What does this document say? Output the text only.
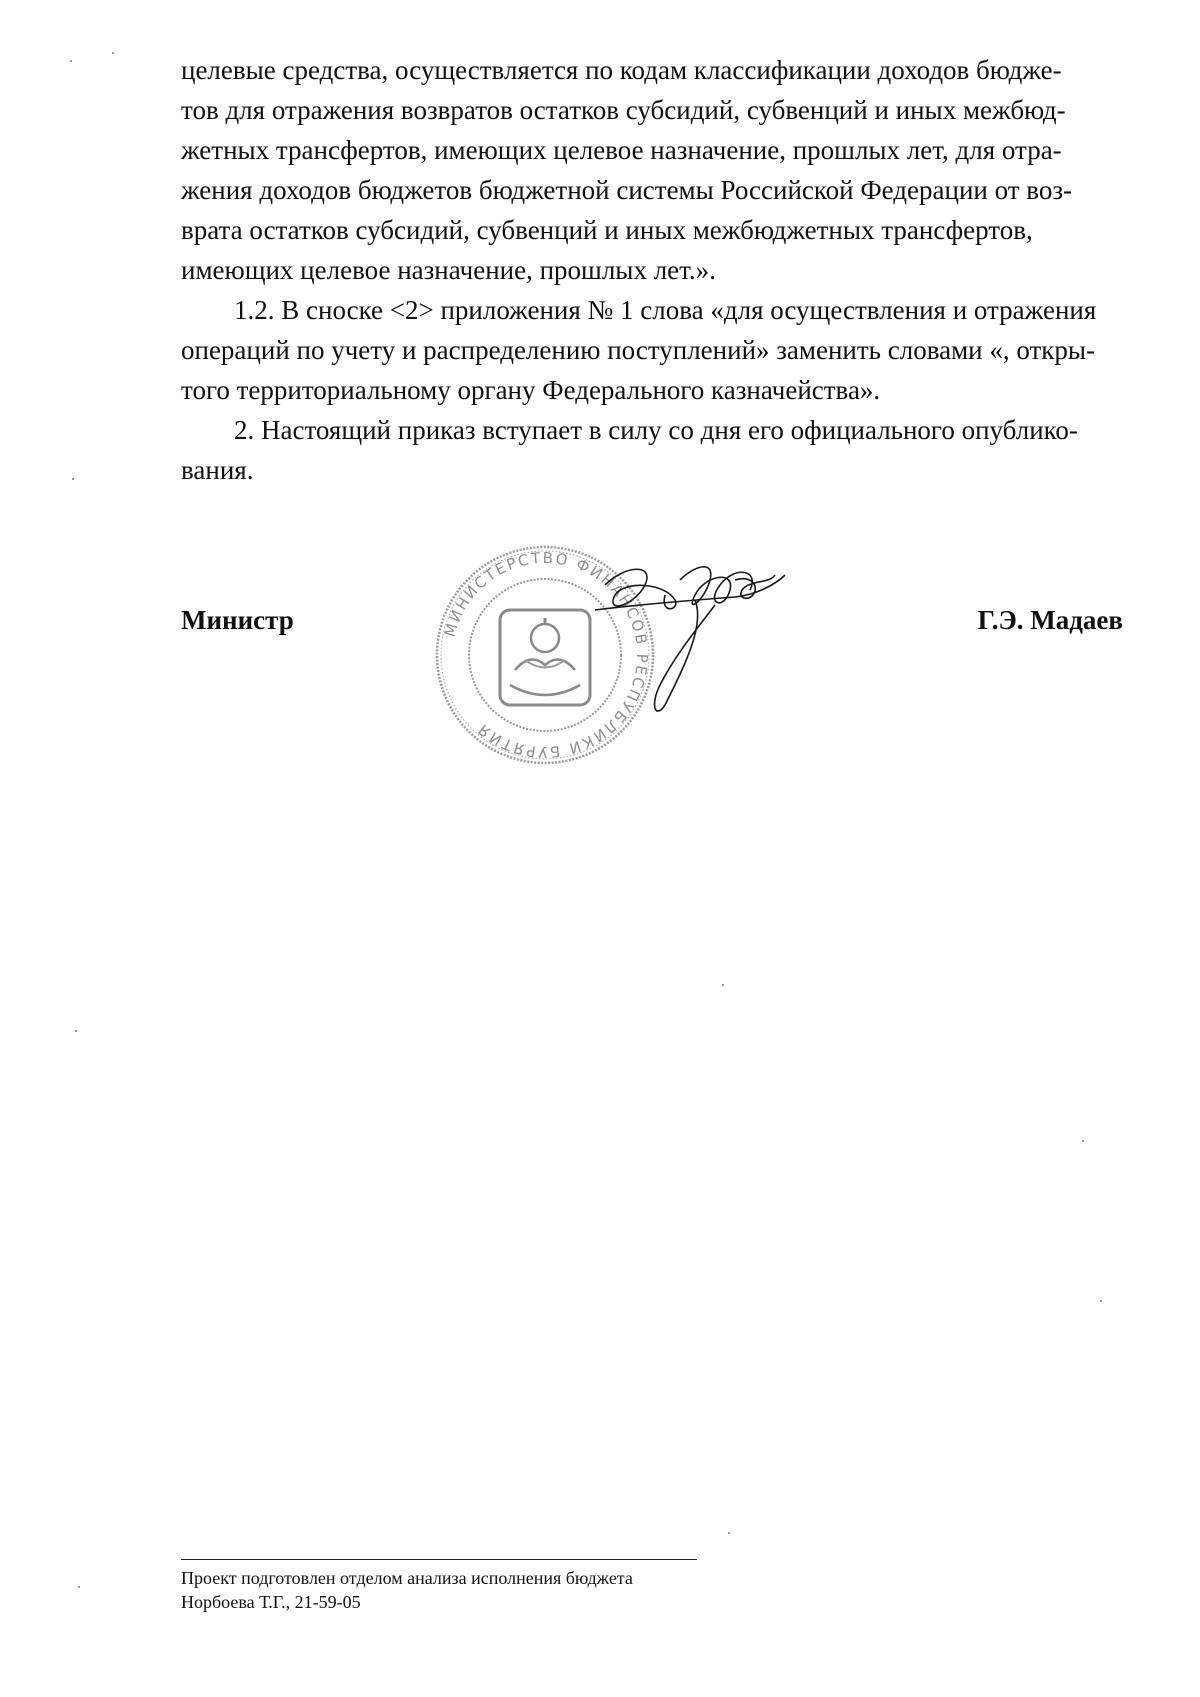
целевые средства, осуществляется по кодам классификации доходов бюдже-

тов для отражения возвратов остатков субсидий, субвенций и иных межбюд-

жетных трансфертов, имеющих целевое назначение, прошлых лет, для отра-

жения доходов бюджетов бюджетной системы Российской Федерации от воз-

врата остатков субсидий, субвенций и иных межбюджетных трансфертов,

имеющих целевое назначение, прошлых лет.».

1.2. В сноске <2> приложения № 1 слова «для осуществления и отражения

операций по учету и распределению поступлений» заменить словами «, откры-

того территориальному органу Федерального казначейства».

2. Настоящий приказ вступает в силу со дня его официального опублико-

вания.

МИНИСТЕРСТВО ФИНАНСОВ РЕСПУБЛИКИ БУРЯТИЯ
Министр	Г.Э. Мадаев
Проект подготовлен отделом анализа исполнения бюджета
Норбоева Т.Г., 21-59-05
